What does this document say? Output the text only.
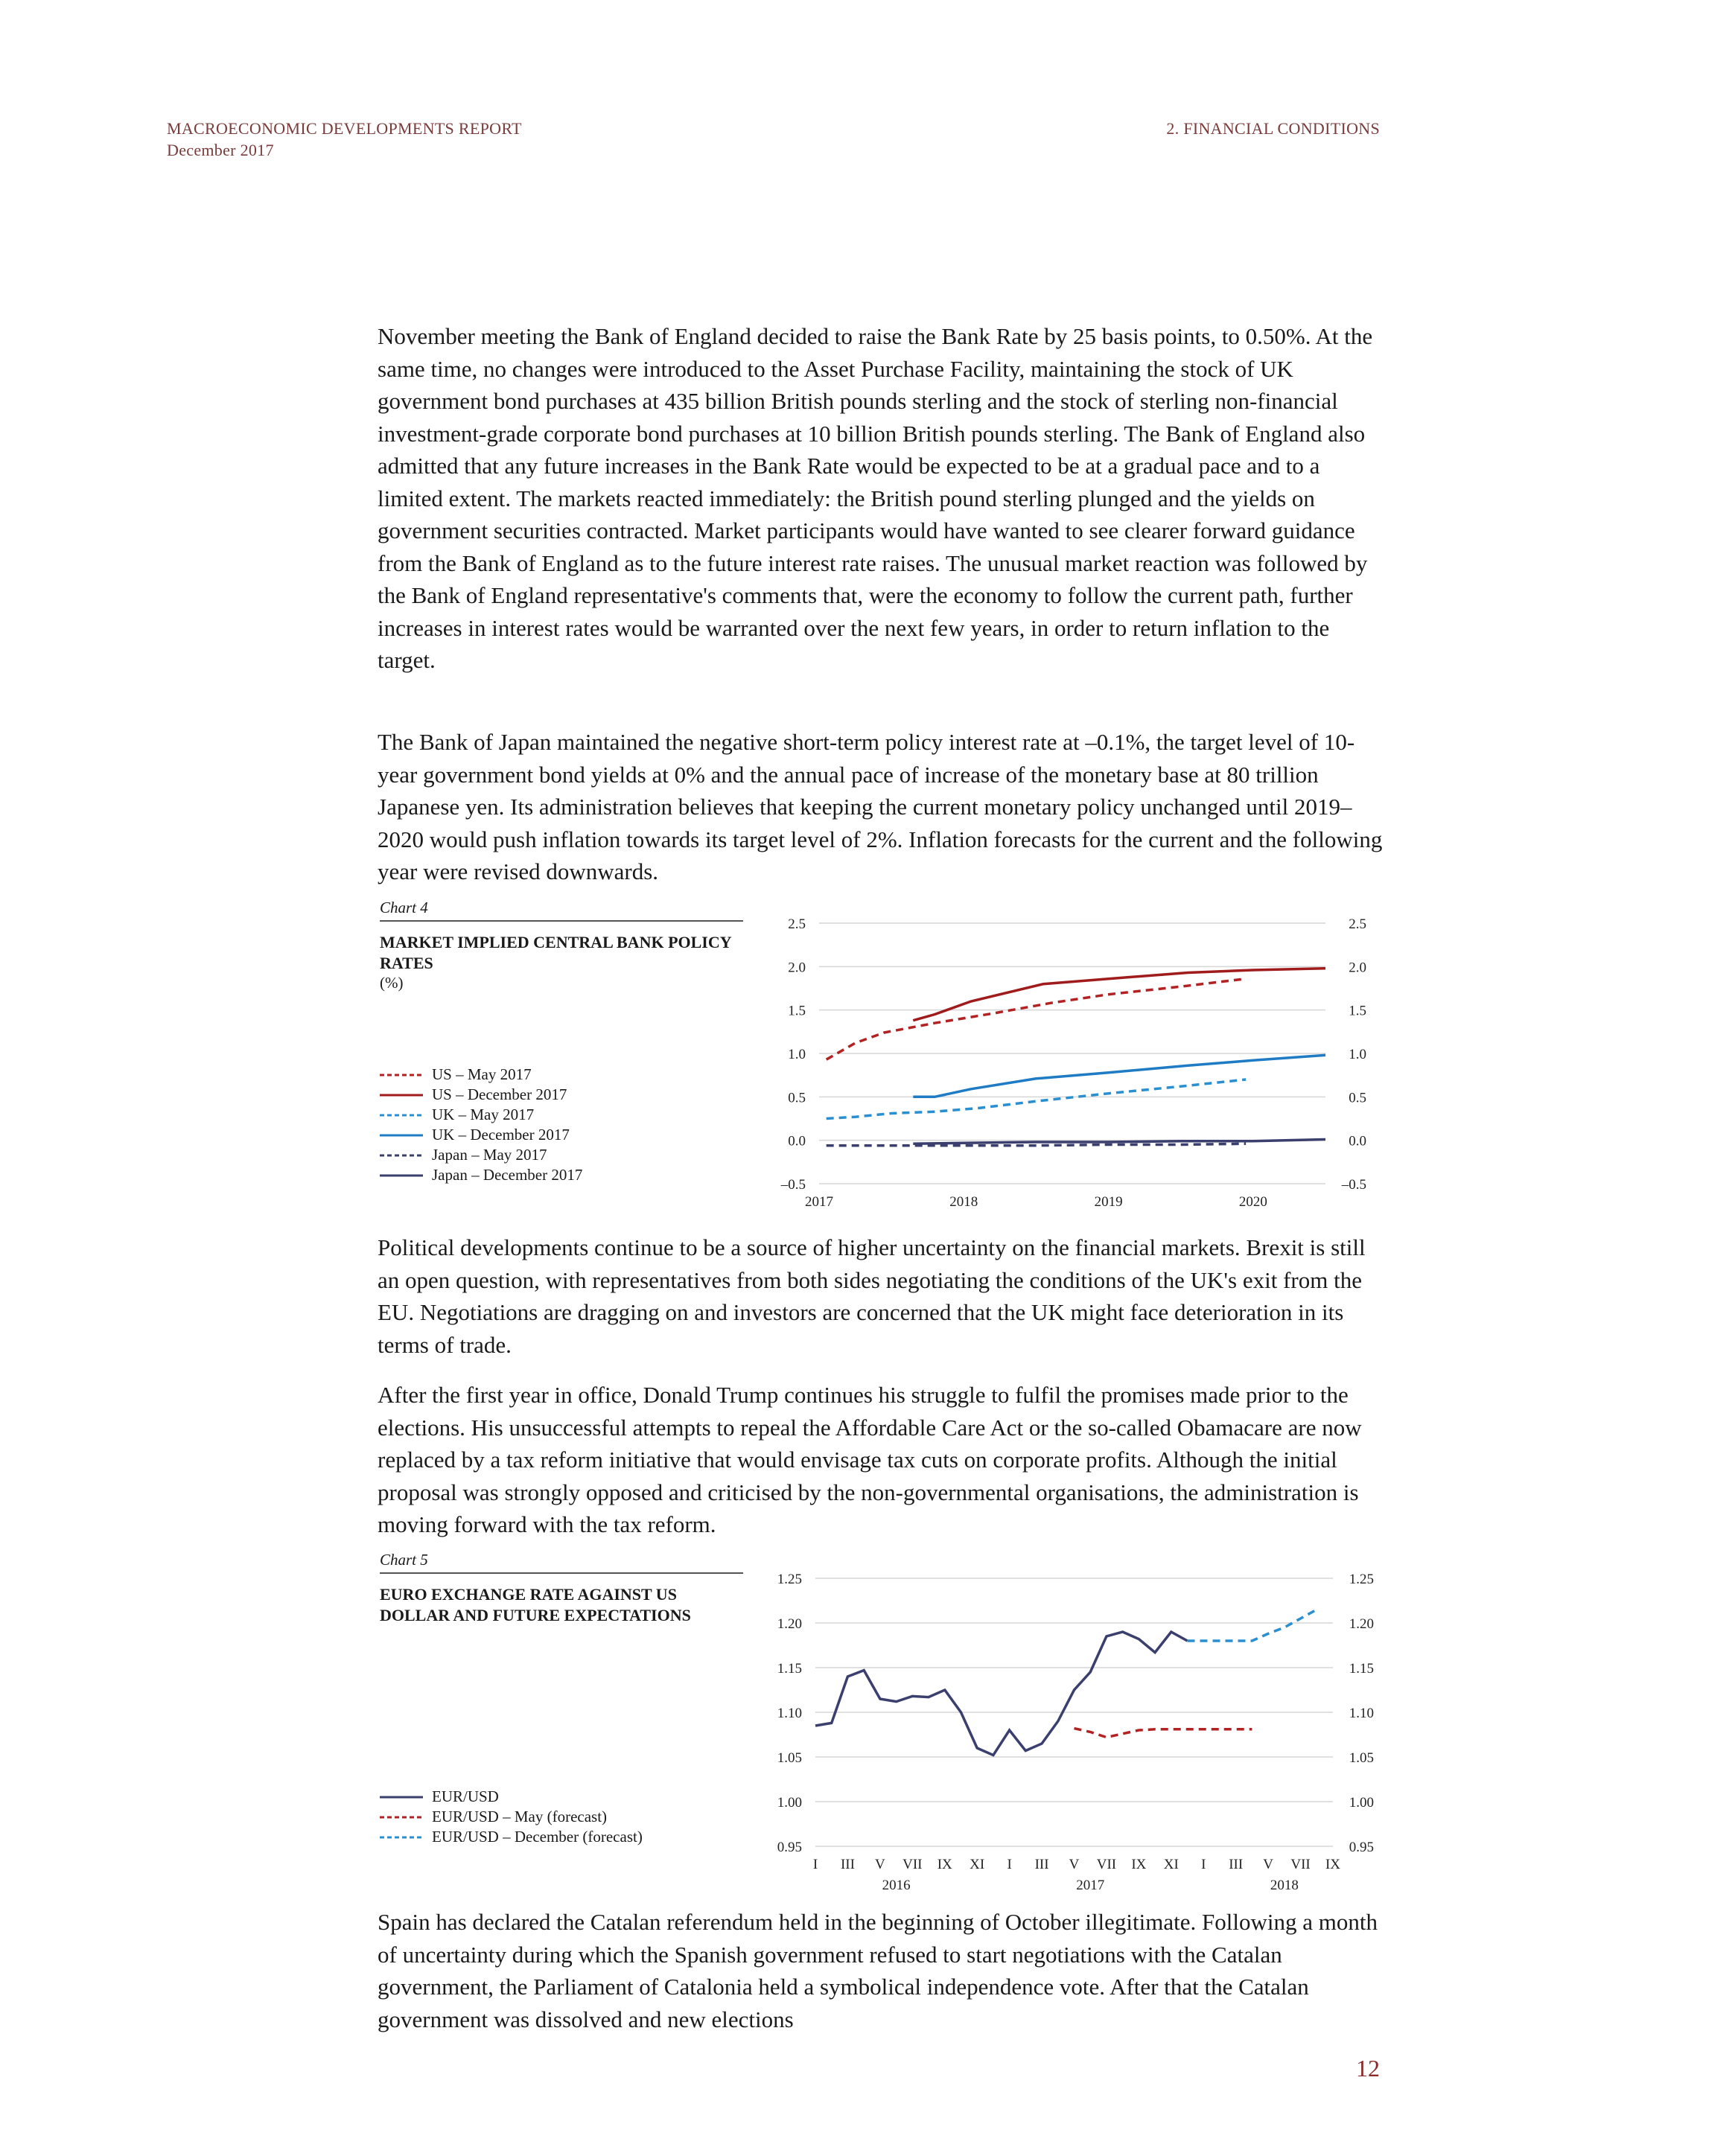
MACROECONOMIC DEVELOPMENTS REPORT
December 2017
2. FINANCIAL CONDITIONS

November meeting the Bank of England decided to raise the Bank Rate by 25 basis points, to 0.50%. At the same time, no changes were introduced to the Asset Purchase Facility, maintaining the stock of UK government bond purchases at 435 billion British pounds sterling and the stock of sterling non-financial investment-grade corporate bond purchases at 10 billion British pounds sterling. The Bank of England also admitted that any future increases in the Bank Rate would be expected to be at a gradual pace and to a limited extent. The markets reacted immediately: the British pound sterling plunged and the yields on government securities contracted. Market participants would have wanted to see clearer forward guidance from the Bank of England as to the future interest rate raises. The unusual market reaction was followed by the Bank of England representative's comments that, were the economy to follow the current path, further increases in interest rates would be warranted over the next few years, in order to return inflation to the target.

The Bank of Japan maintained the negative short-term policy interest rate at –0.1%, the target level of 10-year government bond yields at 0% and the annual pace of increase of the monetary base at 80 trillion Japanese yen. Its administration believes that keeping the current monetary policy unchanged until 2019–2020 would push inflation towards its target level of 2%. Inflation forecasts for the current and the following year were revised downwards.

Chart 4
MARKET IMPLIED CENTRAL BANK POLICY RATES
(%)
US – May 2017
US – December 2017
UK – May 2017
UK – December 2017
Japan – May 2017
Japan – December 2017
–0.5	–0.5
0.0	0.0
0.5	0.5
1.0	1.0
1.5	1.5
2.0	2.0
2.5	2.5
2017	2018	2019	2020

Political developments continue to be a source of higher uncertainty on the financial markets. Brexit is still an open question, with representatives from both sides negotiating the conditions of the UK's exit from the EU. Negotiations are dragging on and investors are concerned that the UK might face deterioration in its terms of trade.

After the first year in office, Donald Trump continues his struggle to fulfil the promises made prior to the elections. His unsuccessful attempts to repeal the Affordable Care Act or the so-called Obamacare are now replaced by a tax reform initiative that would envisage tax cuts on corporate profits. Although the initial proposal was strongly opposed and criticised by the non-governmental organisations, the administration is moving forward with the tax reform.

Chart 5
EURO EXCHANGE RATE AGAINST US DOLLAR AND FUTURE EXPECTATIONS
EUR/USD
EUR/USD – May (forecast)
EUR/USD – December (forecast)
0.95	0.95
1.00	1.00
1.05	1.05
1.10	1.10
1.15	1.15
1.20	1.20
1.25	1.25
I III V VII IX XI I III V VII IX XI I III V VII IX
2016	2017	2018

Spain has declared the Catalan referendum held in the beginning of October illegitimate. Following a month of uncertainty during which the Spanish government refused to start negotiations with the Catalan government, the Parliament of Catalonia held a symbolical independence vote. After that the Catalan government was dissolved and new elections

12
